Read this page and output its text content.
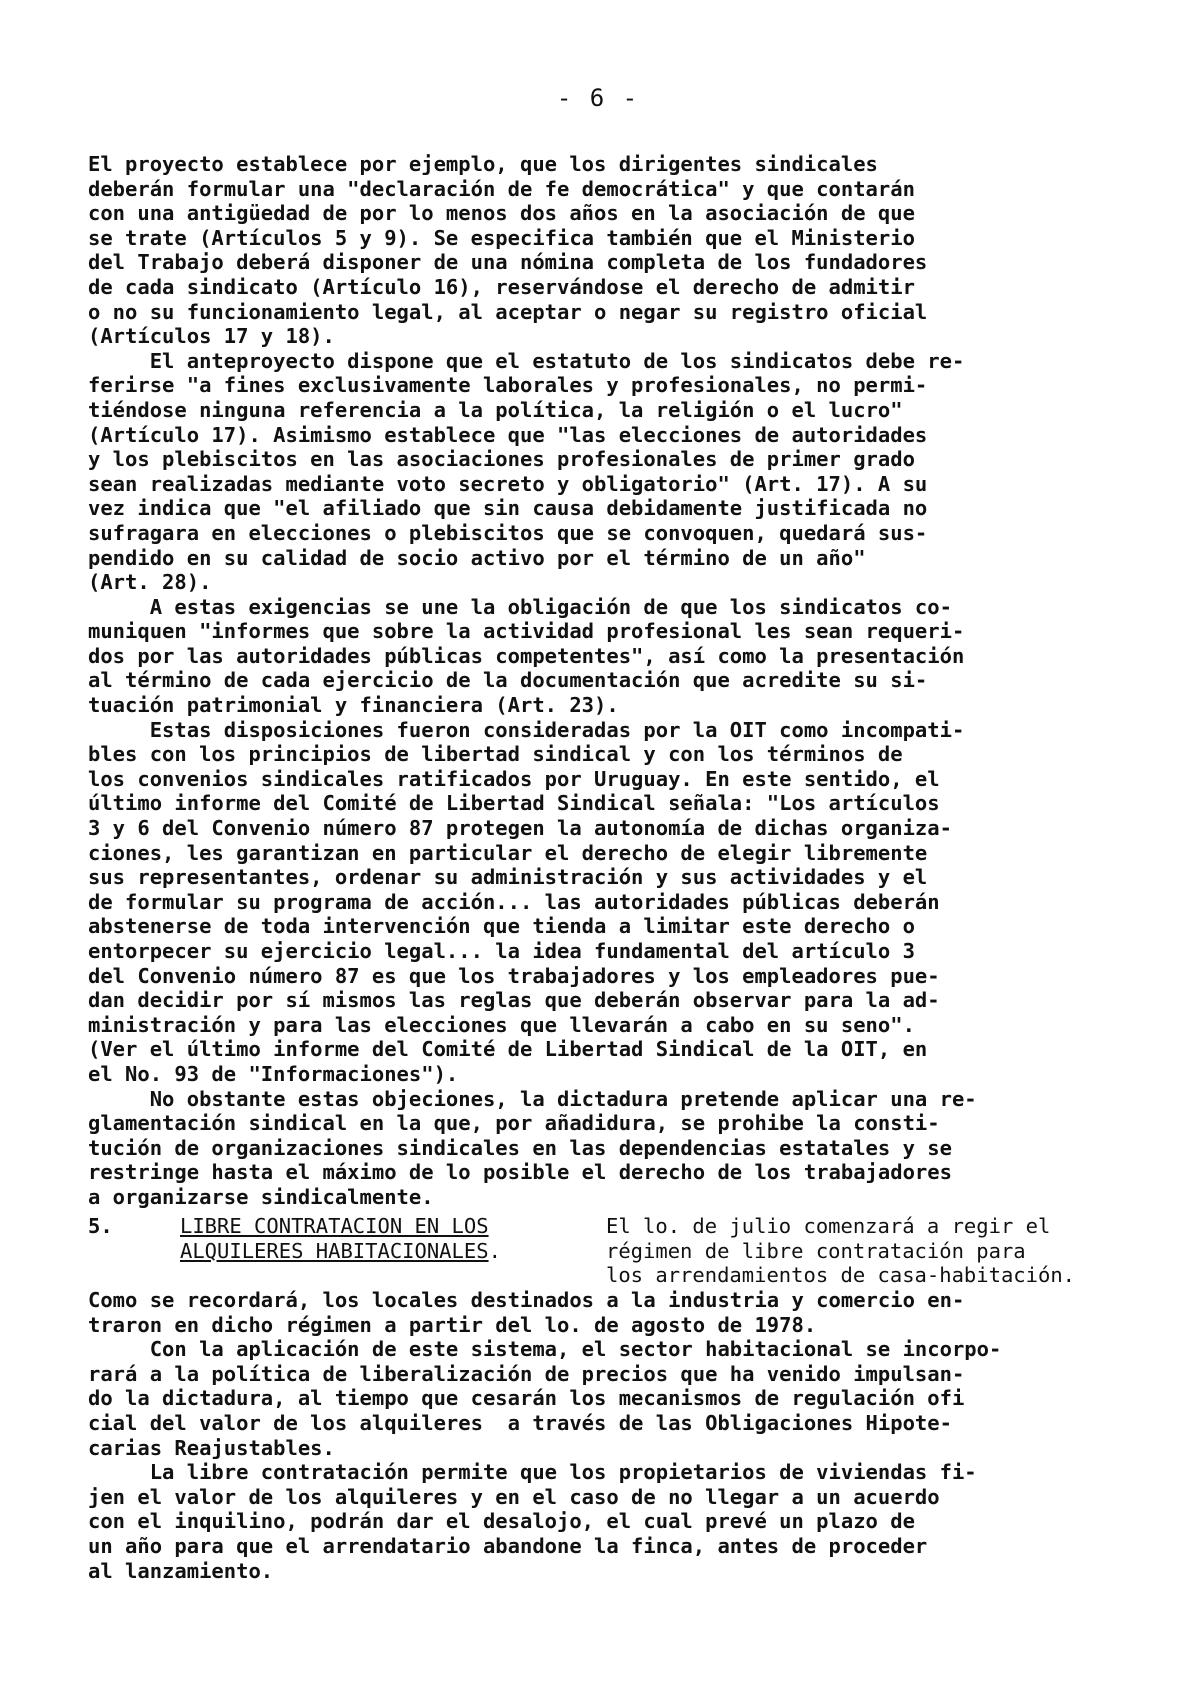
- 6 -
El proyecto establece por ejemplo, que los dirigentes sindicales
deberán formular una "declaración de fe democrática" y que contarán
con una antigüedad de por lo menos dos años en la asociación de que
se trate (Artículos 5 y 9). Se especifica también que el Ministerio
del Trabajo deberá disponer de una nómina completa de los fundadores
de cada sindicato (Artículo 16), reservándose el derecho de admitir
o no su funcionamiento legal, al aceptar o negar su registro oficial
(Artículos 17 y 18).
El anteproyecto dispone que el estatuto de los sindicatos debe re-
ferirse "a fines exclusivamente laborales y profesionales, no permi-
tiéndose ninguna referencia a la política, la religión o el lucro"
(Artículo 17). Asimismo establece que "las elecciones de autoridades
y los plebiscitos en las asociaciones profesionales de primer grado
sean realizadas mediante voto secreto y obligatorio" (Art. 17). A su
vez indica que "el afiliado que sin causa debidamente justificada no
sufragara en elecciones o plebiscitos que se convoquen, quedará sus-
pendido en su calidad de socio activo por el término de un año"
(Art. 28).
A estas exigencias se une la obligación de que los sindicatos co-
muniquen "informes que sobre la actividad profesional les sean requeri-
dos por las autoridades públicas competentes", así como la presentación
al término de cada ejercicio de la documentación que acredite su si-
tuación patrimonial y financiera (Art. 23).
Estas disposiciones fueron consideradas por la OIT como incompati-
bles con los principios de libertad sindical y con los términos de
los convenios sindicales ratificados por Uruguay. En este sentido, el
último informe del Comité de Libertad Sindical señala: "Los artículos
3 y 6 del Convenio número 87 protegen la autonomía de dichas organiza-
ciones, les garantizan en particular el derecho de elegir libremente
sus representantes, ordenar su administración y sus actividades y el
de formular su programa de acción... las autoridades públicas deberán
abstenerse de toda intervención que tienda a limitar este derecho o
entorpecer su ejercicio legal... la idea fundamental del artículo 3
del Convenio número 87 es que los trabajadores y los empleadores pue-
dan decidir por sí mismos las reglas que deberán observar para la ad-
ministración y para las elecciones que llevarán a cabo en su seno".
(Ver el último informe del Comité de Libertad Sindical de la OIT, en
el No. 93 de "Informaciones").
No obstante estas objeciones, la dictadura pretende aplicar una re-
glamentación sindical en la que, por añadidura, se prohibe la consti-
tución de organizaciones sindicales en las dependencias estatales y se
restringe hasta el máximo de lo posible el derecho de los trabajadores
a organizarse sindicalmente.
5.	LIBRE CONTRATACION EN LOS

ALQUILERES HABITACIONALES.
El lo. de julio comenzará a regir el
régimen de libre contratación para
los arrendamientos de casa-habitación.
Como se recordará, los locales destinados a la industria y comercio en-
traron en dicho régimen a partir del lo. de agosto de 1978.
Con la aplicación de este sistema, el sector habitacional se incorpo-
rará a la política de liberalización de precios que ha venido impulsan-
do la dictadura, al tiempo que cesarán los mecanismos de regulación ofi
cial del valor de los alquileres  a través de las Obligaciones Hipote-
carias Reajustables.
La libre contratación permite que los propietarios de viviendas fi-
jen el valor de los alquileres y en el caso de no llegar a un acuerdo
con el inquilino, podrán dar el desalojo, el cual prevé un plazo de
un año para que el arrendatario abandone la finca, antes de proceder
al lanzamiento.
